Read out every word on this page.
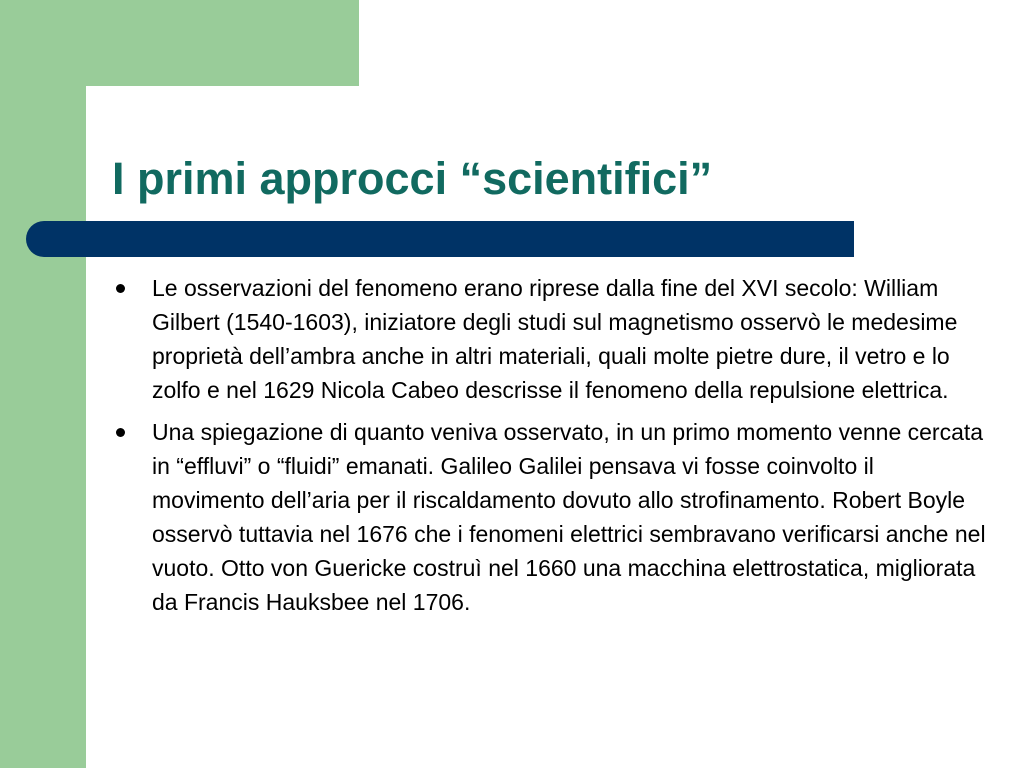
I primi approcci “scientifici”
Le osservazioni del fenomeno erano riprese dalla fine del XVI secolo: William Gilbert (1540-1603), iniziatore degli studi sul magnetismo osservò le medesime proprietà dell’ambra anche in altri materiali, quali molte pietre dure, il vetro e lo zolfo e nel 1629 Nicola Cabeo descrisse il fenomeno della repulsione elettrica.
Una spiegazione di quanto veniva osservato, in un primo momento venne cercata in “effluvi” o “fluidi” emanati. Galileo Galilei pensava vi fosse coinvolto il movimento dell’aria per il riscaldamento dovuto allo strofinamento. Robert Boyle osservò tuttavia nel 1676 che i fenomeni elettrici sembravano verificarsi anche nel vuoto. Otto von Guericke costruì nel 1660 una macchina elettrostatica, migliorata da Francis Hauksbee nel 1706.
